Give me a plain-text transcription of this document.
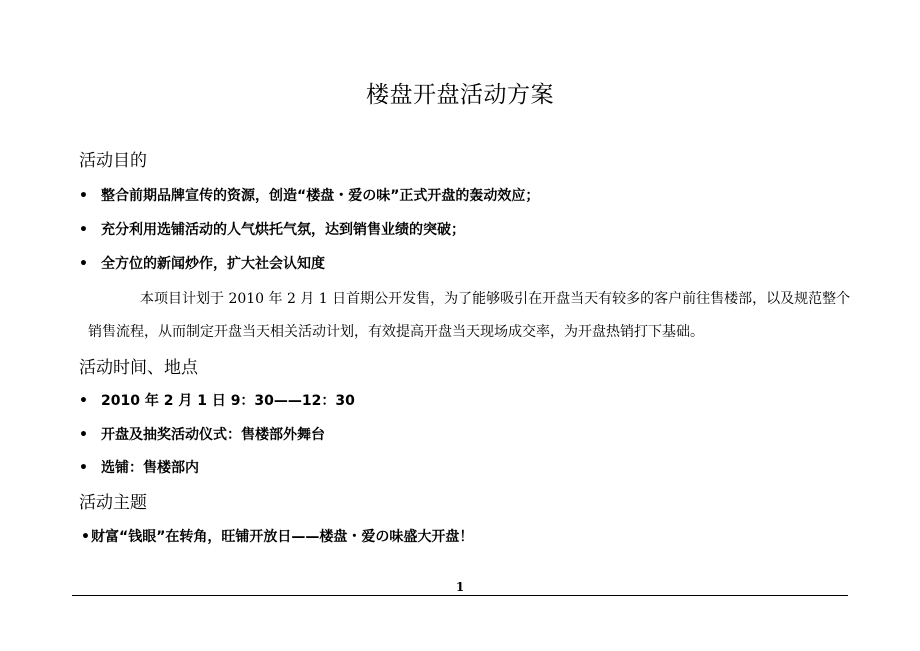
楼盘开盘活动方案
活动目的
• 整合前期品牌宣传的资源，创造“楼盘・爱の味”正式开盘的轰动效应；
• 充分利用选铺活动的人气烘托气氛，达到销售业绩的突破；
• 全方位的新闻炒作，扩大社会认知度
本项目计划于 2010 年 2 月 1 日首期公开发售，为了能够吸引在开盘当天有较多的客户前往售楼部，以及规范整个销售流程，从而制定开盘当天相关活动计划，有效提高开盘当天现场成交率，为开盘热销打下基础。
活动时间、地点
• 2010 年 2 月 1 日 9：30——12：30
• 开盘及抽奖活动仪式：售楼部外舞台
• 选铺：售楼部内
活动主题
•财富“钱眼”在转角，旺铺开放日——楼盘・爱の味盛大开盘！
1
